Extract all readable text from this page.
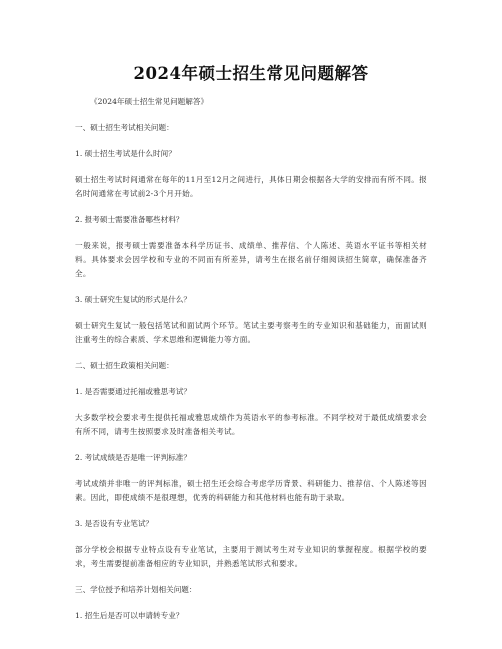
2024年硕士招生常见问题解答

《2024年硕士招生常见问题解答》

一、硕士招生考试相关问题：

1. 硕士招生考试是什么时间？

硕士招生考试时间通常在每年的11月至12月之间进行，具体日期会根据各大学的安排而有所不同。报名时间通常在考试前2-3个月开始。

2. 报考硕士需要准备哪些材料？

一般来说，报考硕士需要准备本科学历证书、成绩单、推荐信、个人陈述、英语水平证书等相关材料。具体要求会因学校和专业的不同而有所差异，请考生在报名前仔细阅读招生简章，确保准备齐全。

3. 硕士研究生复试的形式是什么？

硕士研究生复试一般包括笔试和面试两个环节。笔试主要考察考生的专业知识和基础能力，而面试则注重考生的综合素质、学术思维和逻辑能力等方面。

二、硕士招生政策相关问题：

1. 是否需要通过托福或雅思考试？

大多数学校会要求考生提供托福或雅思成绩作为英语水平的参考标准。不同学校对于最低成绩要求会有所不同，请考生按照要求及时准备相关考试。

2. 考试成绩是否是唯一评判标准？

考试成绩并非唯一的评判标准，硕士招生还会综合考虑学历背景、科研能力、推荐信、个人陈述等因素。因此，即使成绩不是很理想，优秀的科研能力和其他材料也能有助于录取。

3. 是否设有专业笔试？

部分学校会根据专业特点设有专业笔试，主要用于测试考生对专业知识的掌握程度。根据学校的要求，考生需要提前准备相应的专业知识，并熟悉笔试形式和要求。

三、学位授予和培养计划相关问题：

1. 招生后是否可以申请转专业？
